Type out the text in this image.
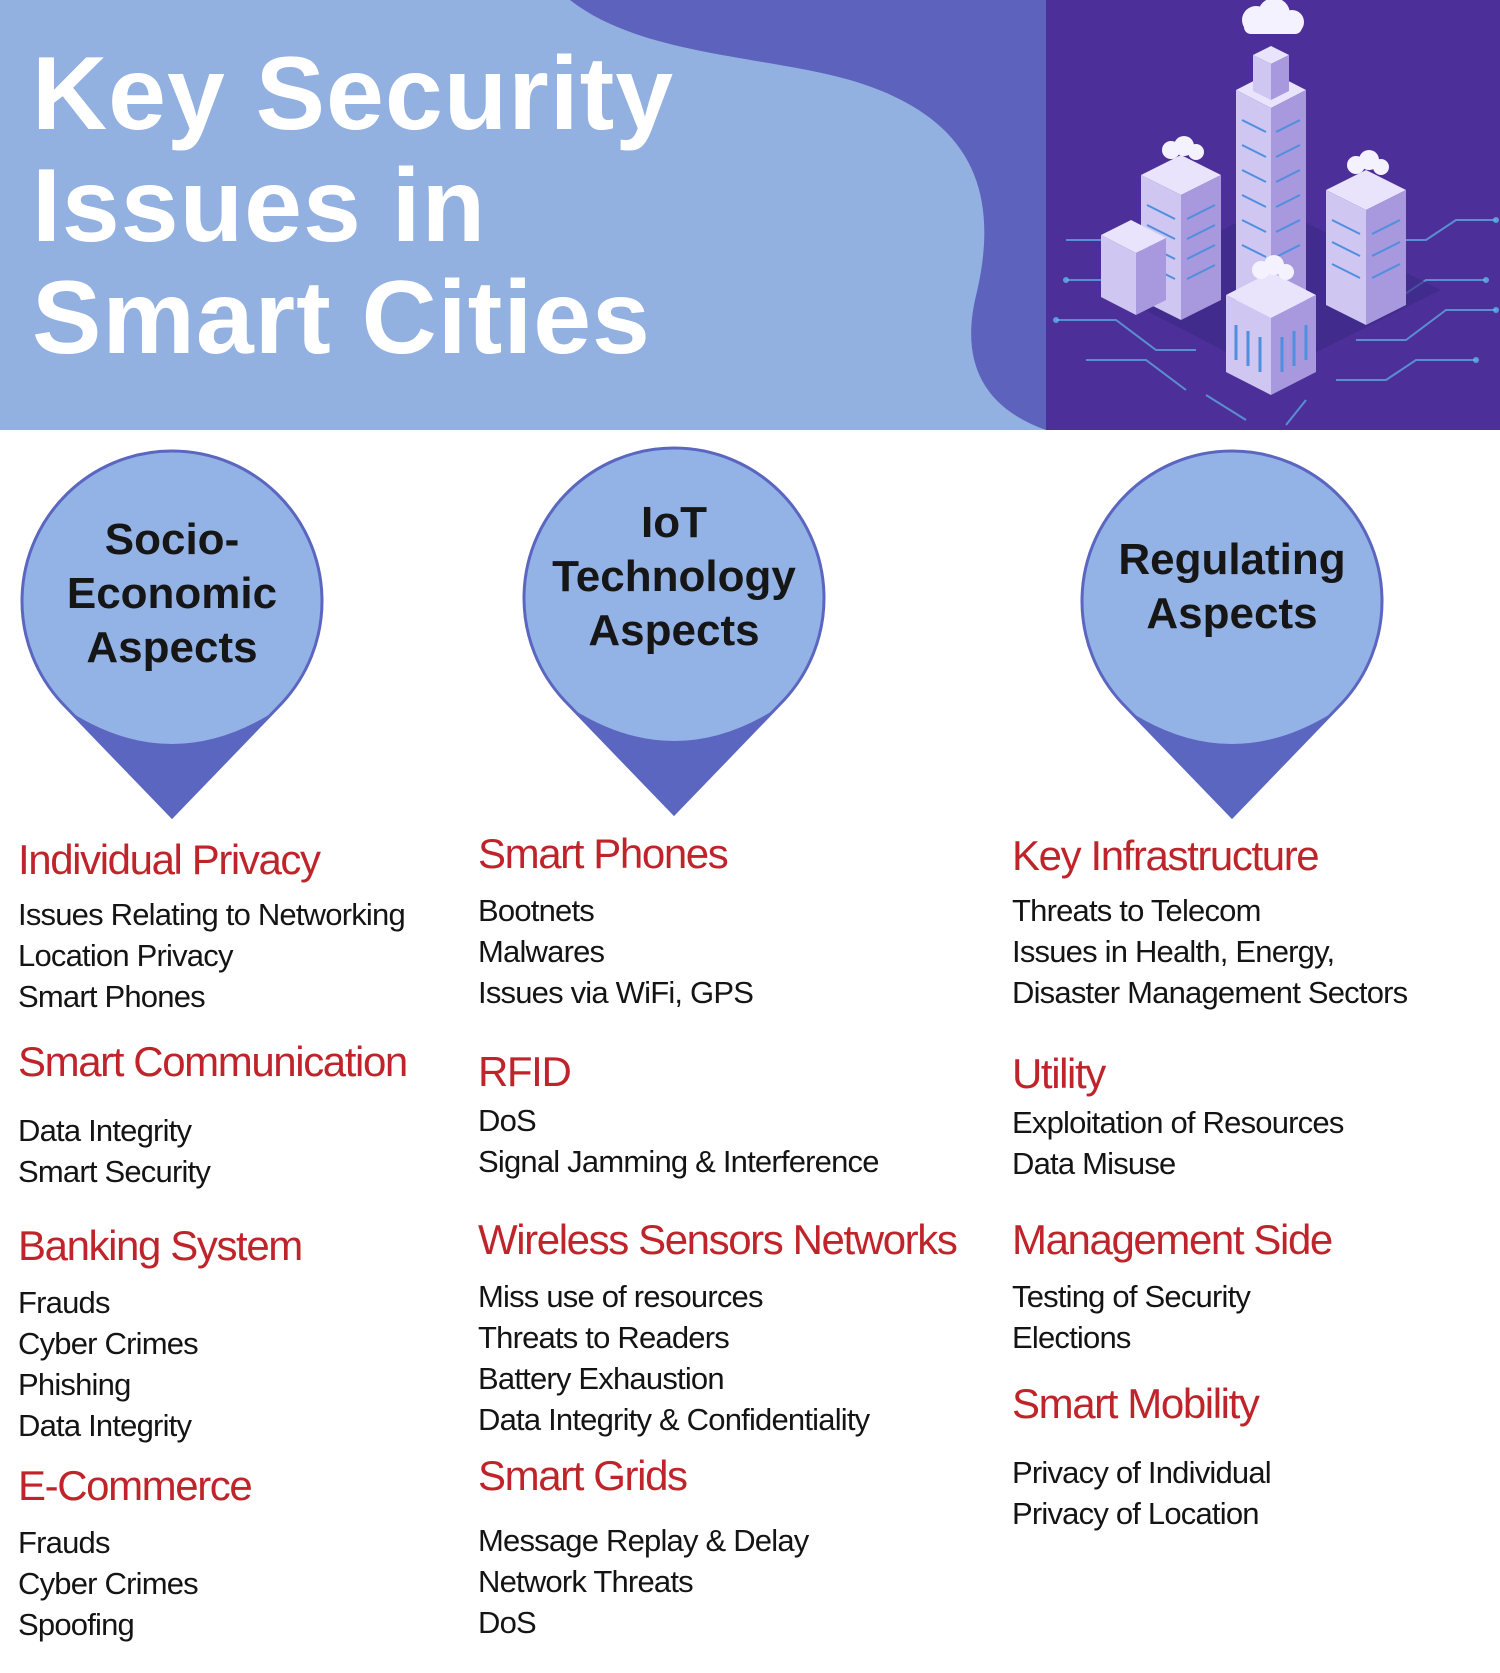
Key Security
Issues in
Smart Cities
Socio-
Economic
Aspects
IoT
Technology
Aspects
Regulating
Aspects
Individual Privacy
Issues Relating to Networking
Location Privacy
Smart Phones
Smart Communication
Data Integrity
Smart Security
Banking System
Frauds
Cyber Crimes
Phishing
Data Integrity
E-Commerce
Frauds
Cyber Crimes
Spoofing
Smart Phones
Bootnets
Malwares
Issues via WiFi, GPS
RFID
DoS
Signal Jamming & Interference
Wireless Sensors Networks
Miss use of resources
Threats to Readers
Battery Exhaustion
Data Integrity & Confidentiality
Smart Grids
Message Replay & Delay
Network Threats
DoS
Key Infrastructure
Threats to Telecom
Issues in Health, Energy,
Disaster Management Sectors
Utility
Exploitation of Resources
Data Misuse
Management Side
Testing of Security
Elections
Smart Mobility
Privacy of Individual
Privacy of Location
